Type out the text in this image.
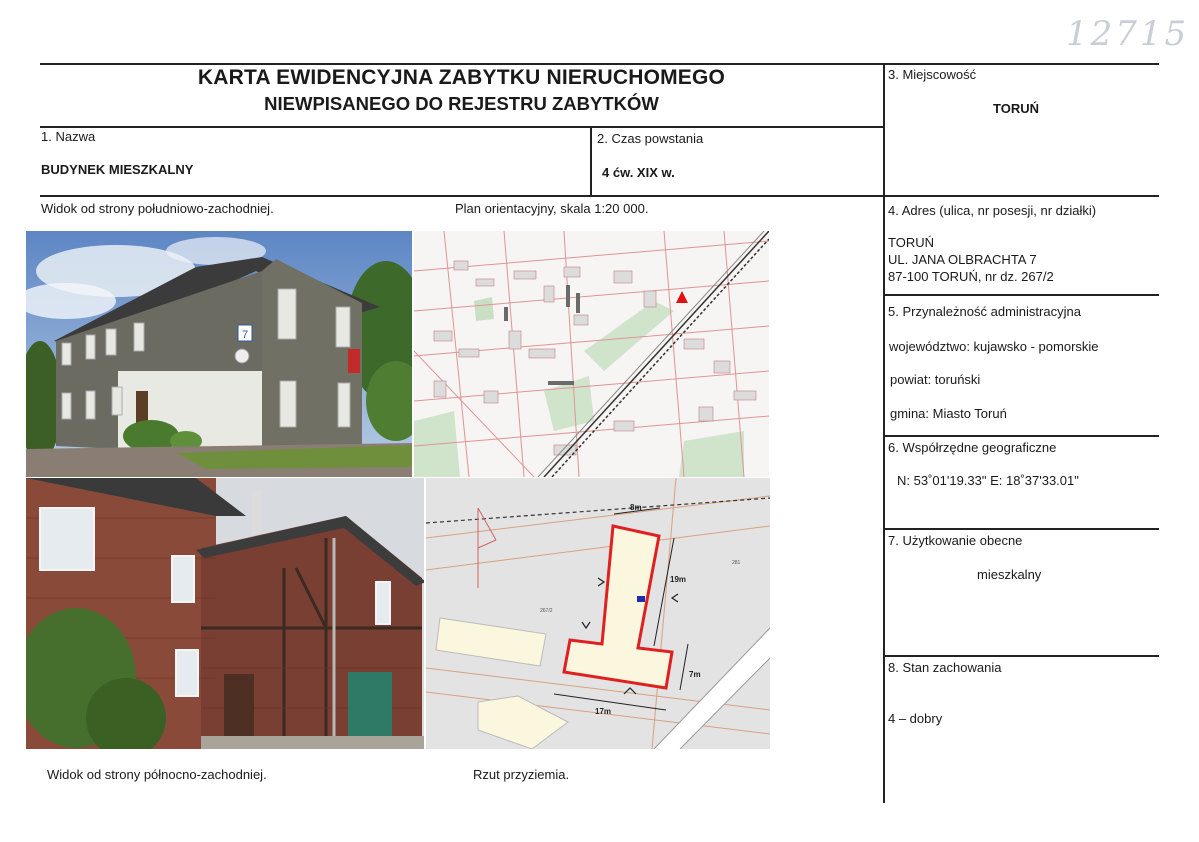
12715
KARTA EWIDENCYJNA ZABYTKU NIERUCHOMEGO
NIEWPISANEGO DO REJESTRU ZABYTKÓW
1. Nazwa
BUDYNEK MIESZKALNY
2. Czas powstania
4 ćw. XIX w.
3. Miejscowość
TORUŃ
4. Adres (ulica, nr posesji, nr działki)
TORUŃ
UL. JANA OLBRACHTA 7
87-100 TORUŃ, nr dz. 267/2
5. Przynależność administracyjna
województwo: kujawsko - pomorskie
powiat: toruński
gmina: Miasto Toruń
6. Współrzędne geograficzne
N: 53˚01'19.33" E: 18˚37'33.01"
7. Użytkowanie obecne
mieszkalny
8. Stan zachowania
4 – dobry
Widok od strony południowo-zachodniej.	Plan orientacyjny, skala 1:20 000.
Widok od strony północno-zachodniej.	Rzut przyziemia.
7
8m
19m
17m
7m
267/2
281
